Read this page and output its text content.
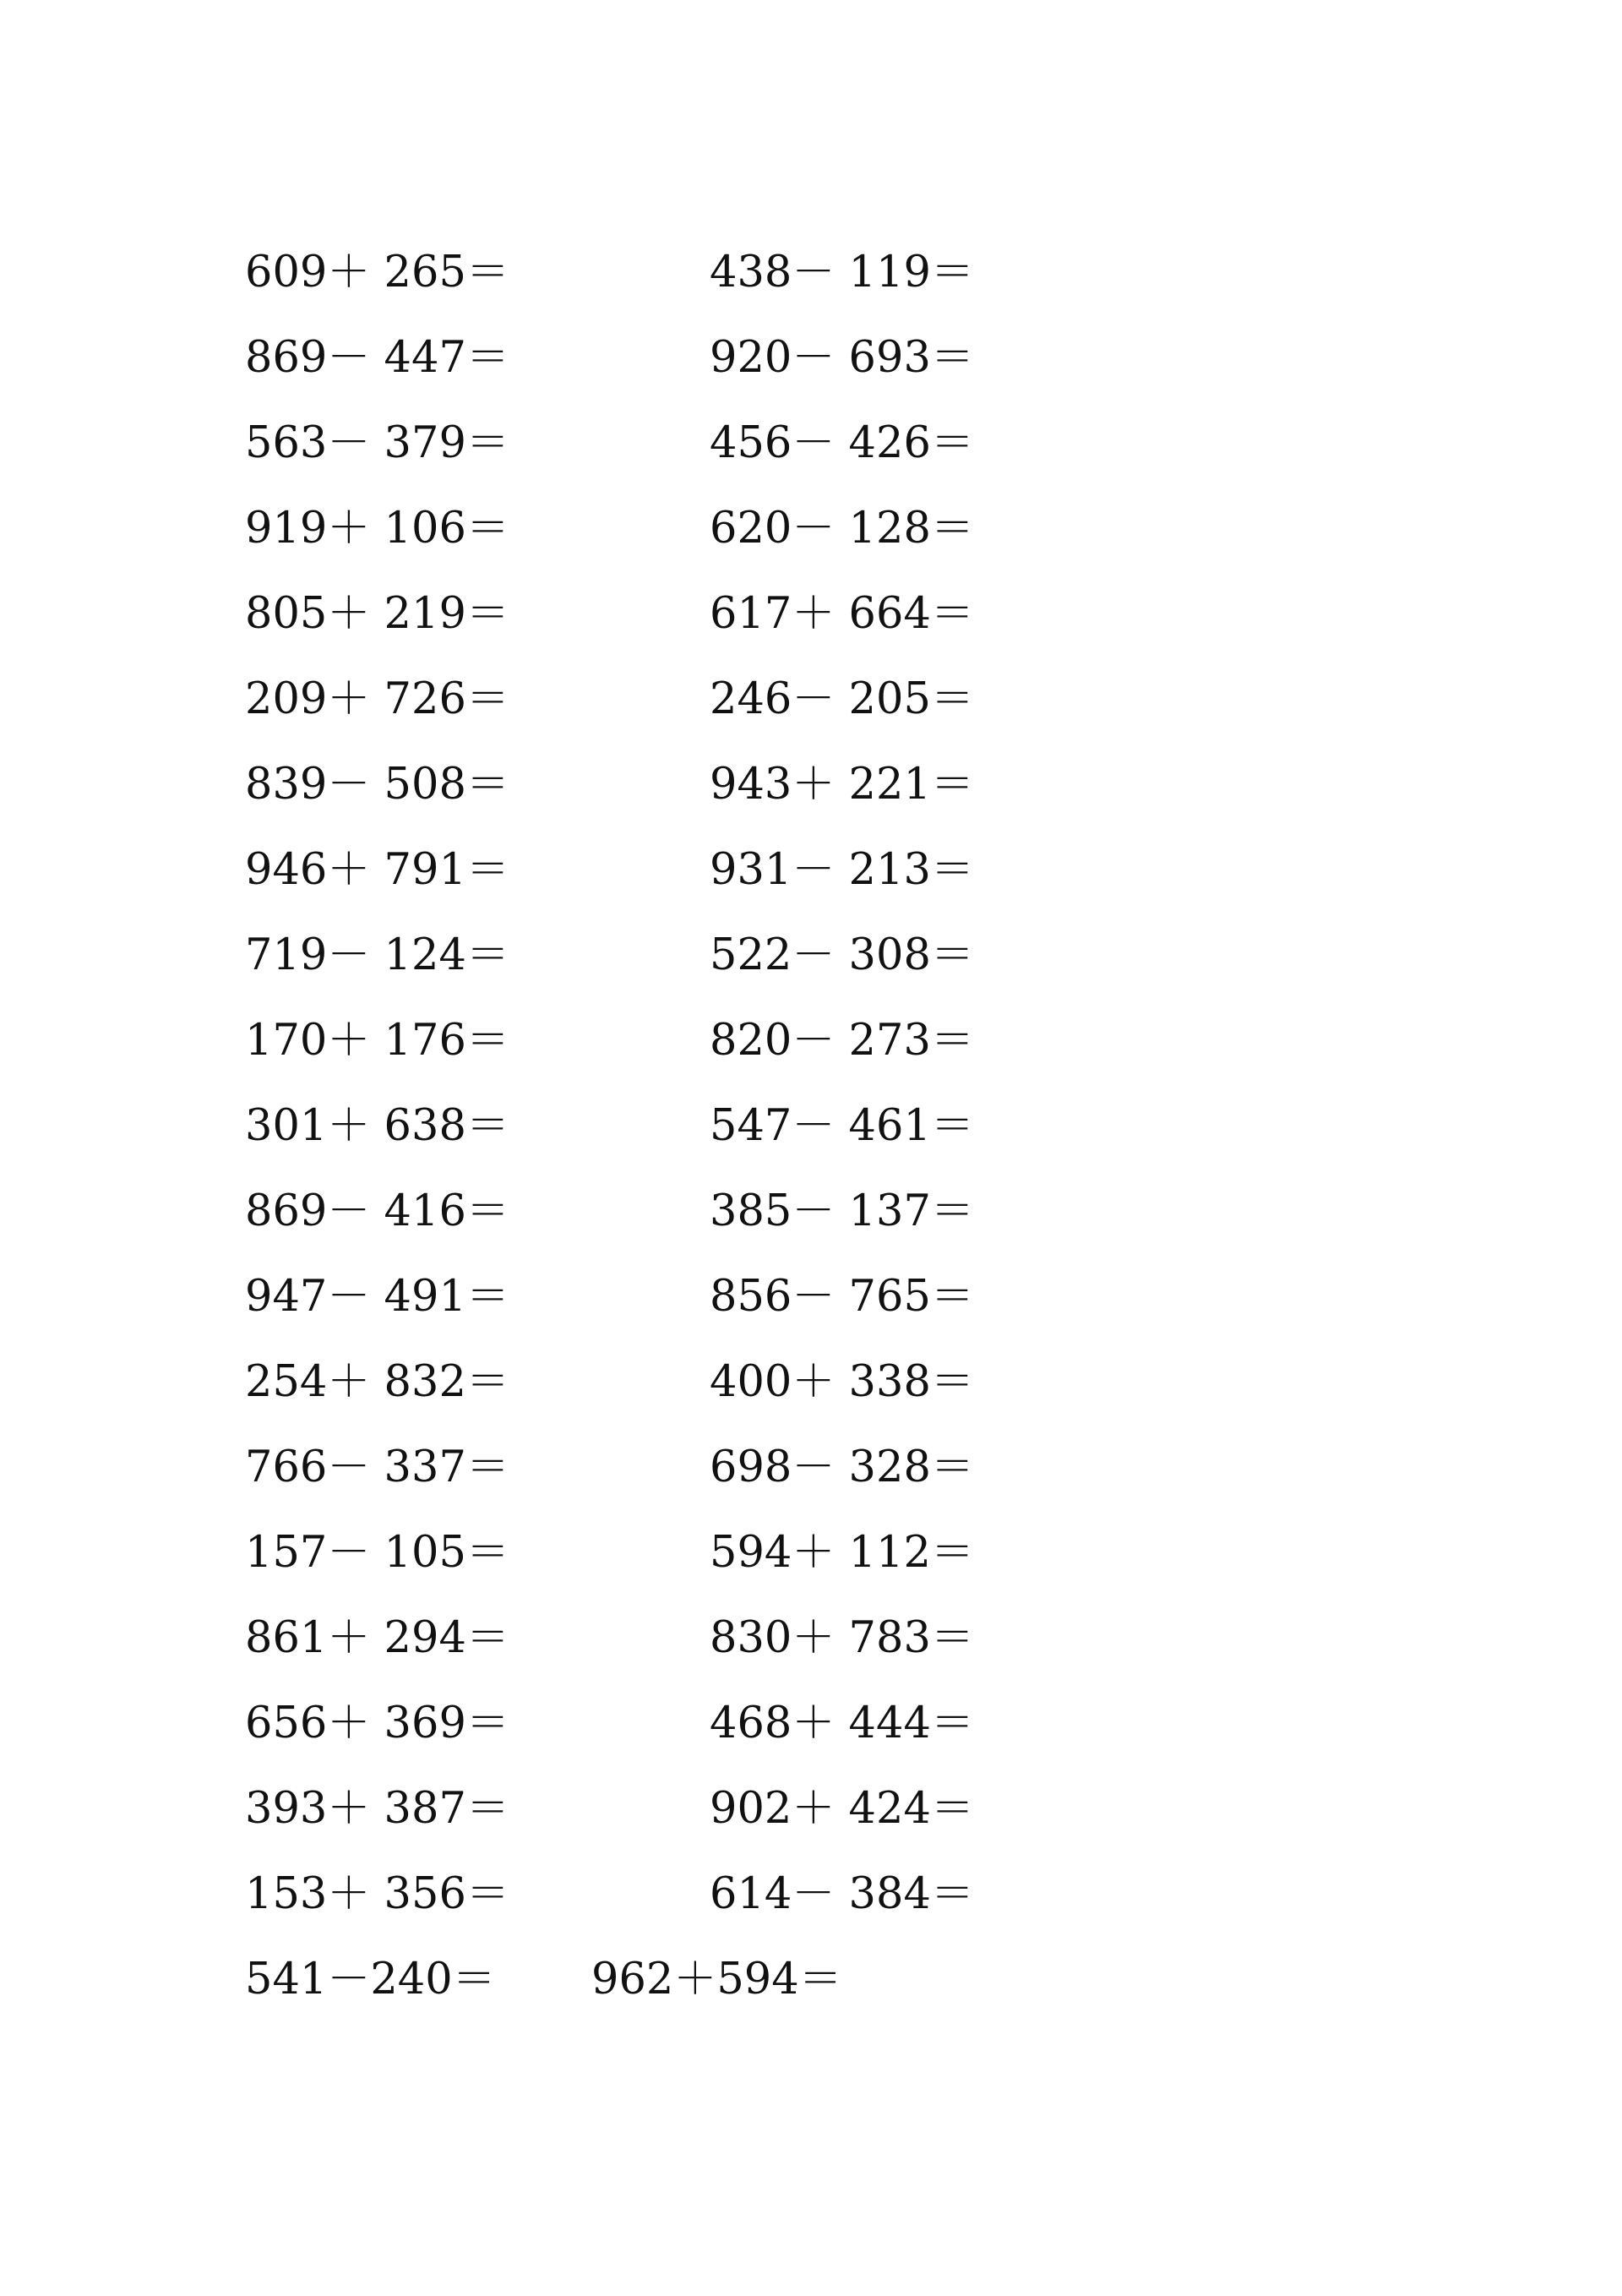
609＋ 265＝	438－ 119＝
869－ 447＝	920－ 693＝
563－ 379＝	456－ 426＝
919＋ 106＝	620－ 128＝
805＋ 219＝	617＋ 664＝
209＋ 726＝	246－ 205＝
839－ 508＝	943＋ 221＝
946＋ 791＝	931－ 213＝
719－ 124＝	522－ 308＝
170＋ 176＝	820－ 273＝
301＋ 638＝	547－ 461＝
869－ 416＝	385－ 137＝
947－ 491＝	856－ 765＝
254＋ 832＝	400＋ 338＝
766－ 337＝	698－ 328＝
157－ 105＝	594＋ 112＝
861＋ 294＝	830＋ 783＝
656＋ 369＝	468＋ 444＝
393＋ 387＝	902＋ 424＝
153＋ 356＝	614－ 384＝
541－240＝ 962＋594＝
